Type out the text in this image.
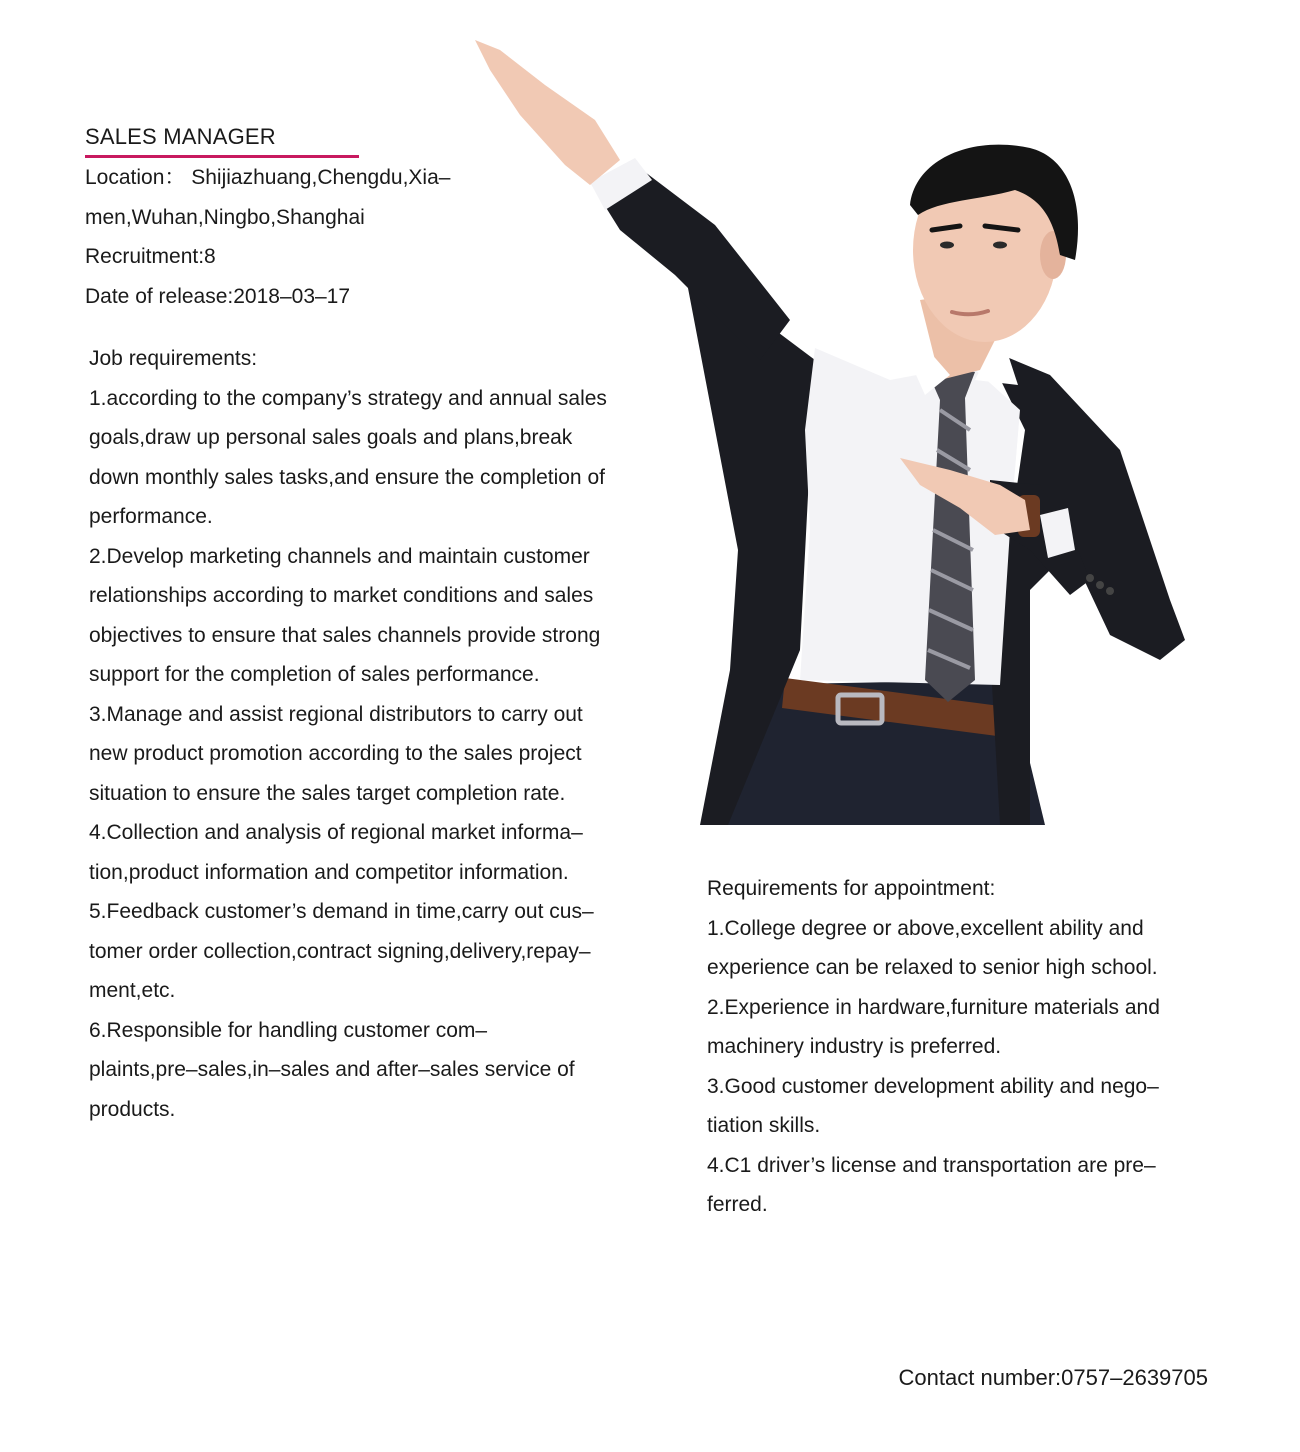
SALES MANAGER
Location： Shijiazhuang,Chengdu,Xia–
men,Wuhan,Ningbo,Shanghai
Recruitment:8
Date of release:2018–03–17
Job requirements:
1.according to the company’s strategy and annual sales
goals,draw up personal sales goals and plans,break
down monthly sales tasks,and ensure the completion of
performance.
2.Develop marketing channels and maintain customer
relationships according to market conditions and sales
objectives to ensure that sales channels provide strong
support for the completion of sales performance.
3.Manage and assist regional distributors to carry out
new product promotion according to the sales project
situation to ensure the sales target completion rate.
4.Collection and analysis of regional market informa–
tion,product information and competitor information.
5.Feedback customer’s demand in time,carry out cus–
tomer order collection,contract signing,delivery,repay–
ment,etc.
6.Responsible for handling customer com–
plaints,pre–sales,in–sales and after–sales service of
products.
Requirements for appointment:
1.College degree or above,excellent ability and
experience can be relaxed to senior high school.
2.Experience in hardware,furniture materials and
machinery industry is preferred.
3.Good customer development ability and nego–
tiation skills.
4.C1 driver’s license and transportation are pre–
ferred.
Contact number:0757–2639705
